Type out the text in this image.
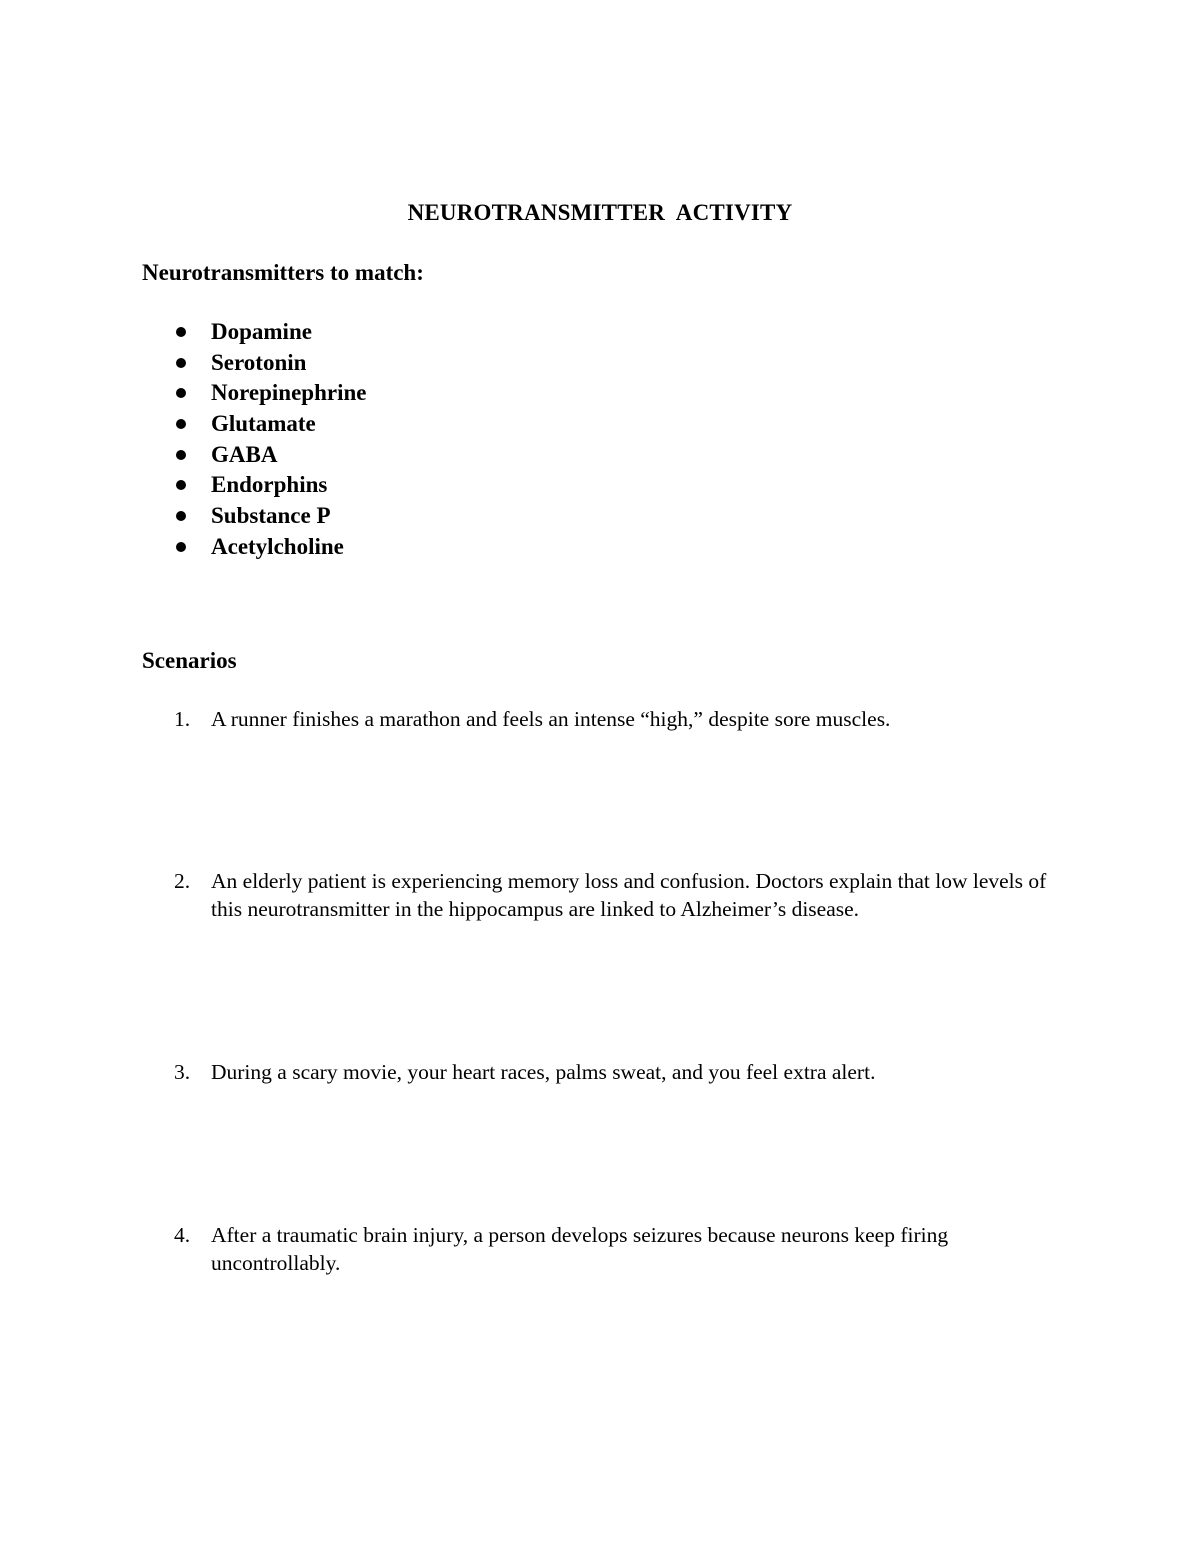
NEUROTRANSMITTER ACTIVITY
Neurotransmitters to match:
Dopamine
Serotonin
Norepinephrine
Glutamate
GABA
Endorphins
Substance P
Acetylcholine
Scenarios
1. A runner finishes a marathon and feels an intense “high,” despite sore muscles.
2. An elderly patient is experiencing memory loss and confusion. Doctors explain that low levels of this neurotransmitter in the hippocampus are linked to Alzheimer’s disease.
3. During a scary movie, your heart races, palms sweat, and you feel extra alert.
4. After a traumatic brain injury, a person develops seizures because neurons keep firing uncontrollably.
